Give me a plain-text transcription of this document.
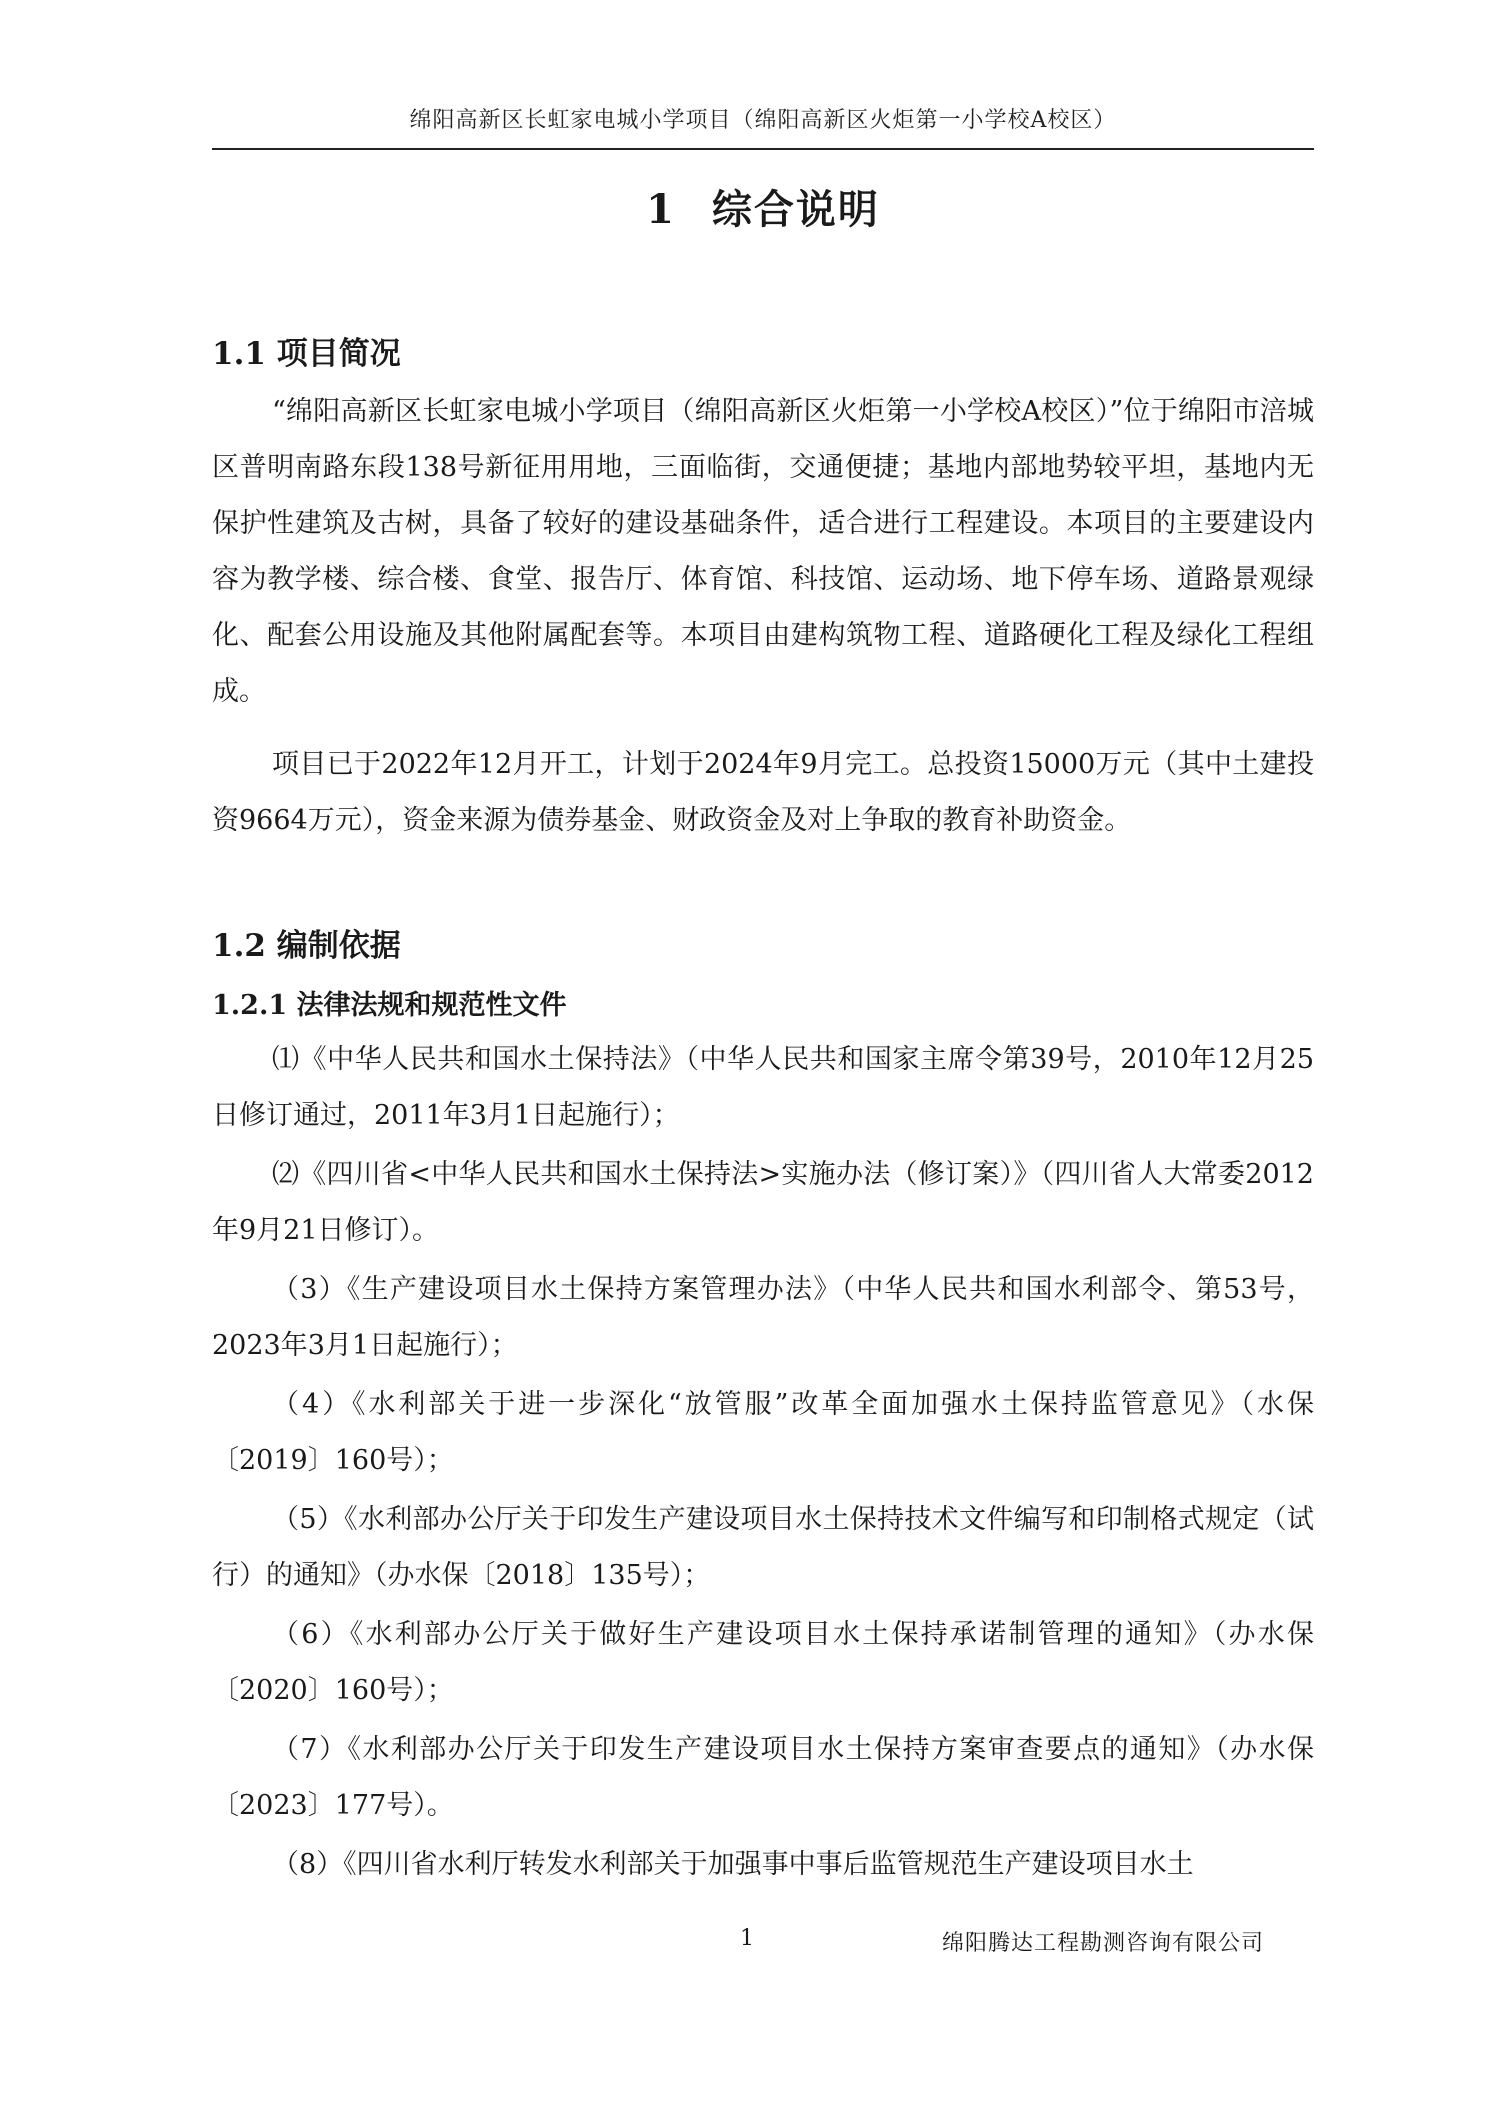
绵阳高新区长虹家电城小学项目（绵阳高新区火炬第一小学校A校区）
1 综合说明
1.1 项目简况

“绵阳高新区长虹家电城小学项目（绵阳高新区火炬第一小学校A校区）”位于绵阳市涪城区普明南路东段138号新征用用地，三面临街，交通便捷；基地内部地势较平坦，基地内无保护性建筑及古树，具备了较好的建设基础条件，适合进行工程建设。本项目的主要建设内容为教学楼、综合楼、食堂、报告厅、体育馆、科技馆、运动场、地下停车场、道路景观绿化、配套公用设施及其他附属配套等。本项目由建构筑物工程、道路硬化工程及绿化工程组成。

项目已于2022年12月开工，计划于2024年9月完工。总投资15000万元（其中土建投资9664万元），资金来源为债券基金、财政资金及对上争取的教育补助资金。

1.2 编制依据
1.2.1 法律法规和规范性文件

⑴《中华人民共和国水土保持法》（中华人民共和国家主席令第39号，2010年12月25日修订通过，2011年3月1日起施行）；

⑵《四川省<中华人民共和国水土保持法>实施办法（修订案）》（四川省人大常委2012年9月21日修订）。

（3）《生产建设项目水土保持方案管理办法》（中华人民共和国水利部令、第53号，2023年3月1日起施行）；

（4）《水利部关于进一步深化“放管服”改革全面加强水土保持监管意见》（水保〔2019〕160号）；

（5）《水利部办公厅关于印发生产建设项目水土保持技术文件编写和印制格式规定（试行）的通知》（办水保〔2018〕135号）；

（6）《水利部办公厅关于做好生产建设项目水土保持承诺制管理的通知》（办水保〔2020〕160号）；

（7）《水利部办公厅关于印发生产建设项目水土保持方案审查要点的通知》（办水保〔2023〕177号）。

（8）《四川省水利厅转发水利部关于加强事中事后监管规范生产建设项目水土

1	绵阳腾达工程勘测咨询有限公司
